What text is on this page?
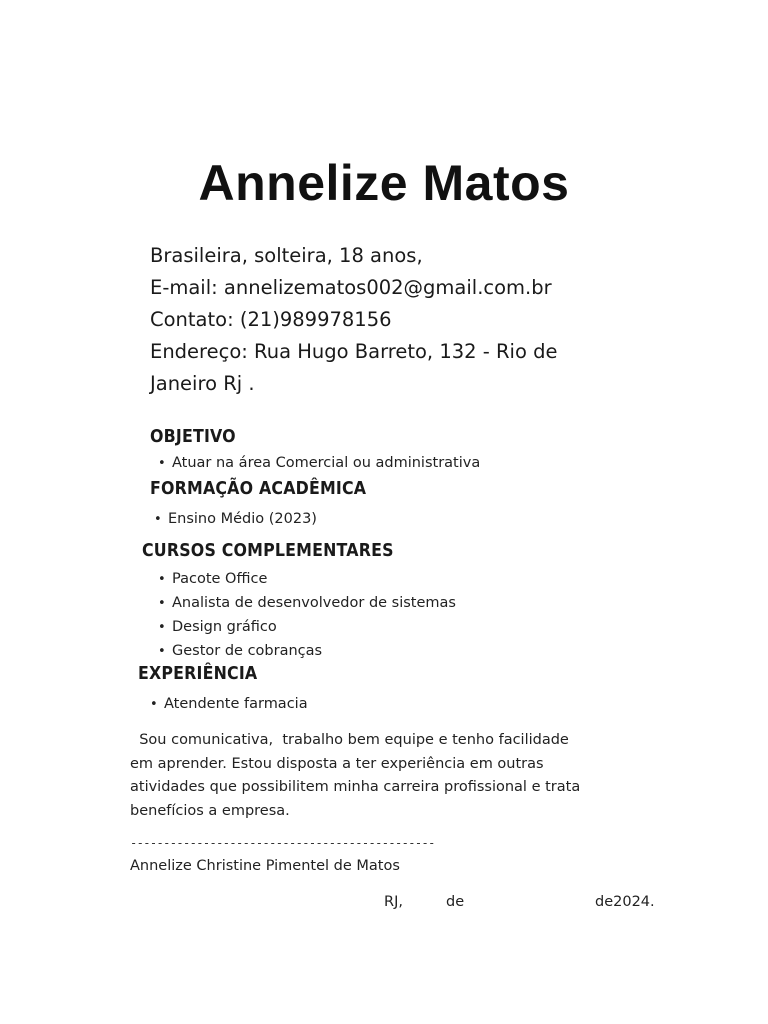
Annelize Matos
Brasileira, solteira, 18 anos,
E-mail: annelizematos002@gmail.com.br
Contato: (21)989978156
Endereço: Rua Hugo Barreto, 132 - Rio de
Janeiro Rj .
OBJETIVO
• Atuar na área Comercial ou administrativa
FORMAÇÃO ACADÊMICA
• Ensino Médio (2023)
CURSOS COMPLEMENTARES
• Pacote Office
• Analista de desenvolvedor de sistemas
• Design gráfico
• Gestor de cobranças
EXPERIÊNCIA
• Atendente farmacia
Sou comunicativa,  trabalho bem equipe e tenho facilidade
em aprender. Estou disposta a ter experiência em outras
atividades que possibilitem minha carreira profissional e trata
benefícios a empresa.
----------------------------------------------
Annelize Christine Pimentel de Matos
RJ,	de	de2024.
